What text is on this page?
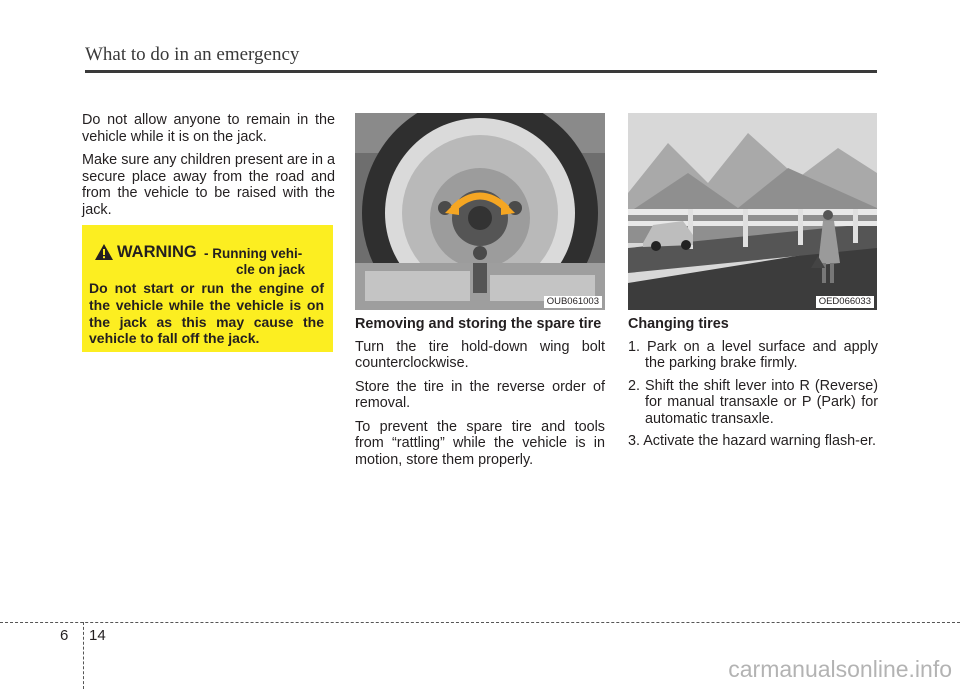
What to do in an emergency

Do not allow anyone to remain in the vehicle while it is on the jack.

Make sure any children present are in a secure place away from the road and from the vehicle to be raised with the jack.

WARNING - Running vehi-
cle on jack
Do not start or run the engine of the vehicle while the vehicle is on the jack as this may cause the vehicle to fall off the jack.
OUB061003	OED066033

Removing and storing the spare tire

Turn the tire hold-down wing bolt counterclockwise.

Store the tire in the reverse order of removal.

To prevent the spare tire and tools from “rattling” while the vehicle is in motion, store them properly.

Changing tires

1. Park on a level surface and apply the parking brake firmly.

2. Shift the shift lever into R (Reverse) for manual transaxle or P (Park) for automatic transaxle.

3. Activate the hazard warning flash-er.

6 14
carmanualsonline.info
